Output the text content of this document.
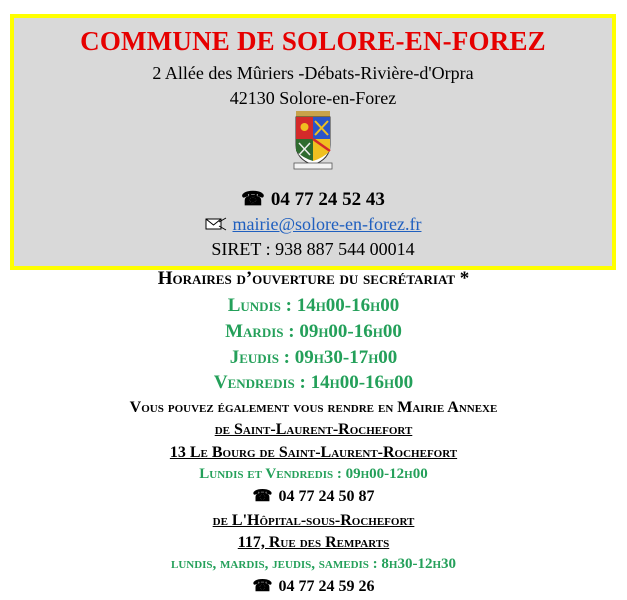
COMMUNE DE SOLORE-EN-FOREZ
2 Allée des Mûriers -Débats-Rivière-d'Orpra
42130 Solore-en-Forez
☎ 04 77 24 52 43
mairie@solore-en-forez.fr
SIRET : 938 887 544 00014
Horaires d’ouverture du secrétariat *
Lundis : 14h00-16h00
Mardis : 09h00-16h00
Jeudis : 09h30-17h00
Vendredis : 14h00-16h00
Vous pouvez également vous rendre en Mairie Annexe
de Saint-Laurent-Rochefort
13 Le Bourg de Saint-Laurent-Rochefort
Lundis et Vendredis : 09h00-12h00
☎ 04 77 24 50 87
de L'Hôpital-sous-Rochefort
117, Rue des Remparts
lundis, mardis, jeudis, samedis : 8h30-12h30
☎ 04 77 24 59 26
